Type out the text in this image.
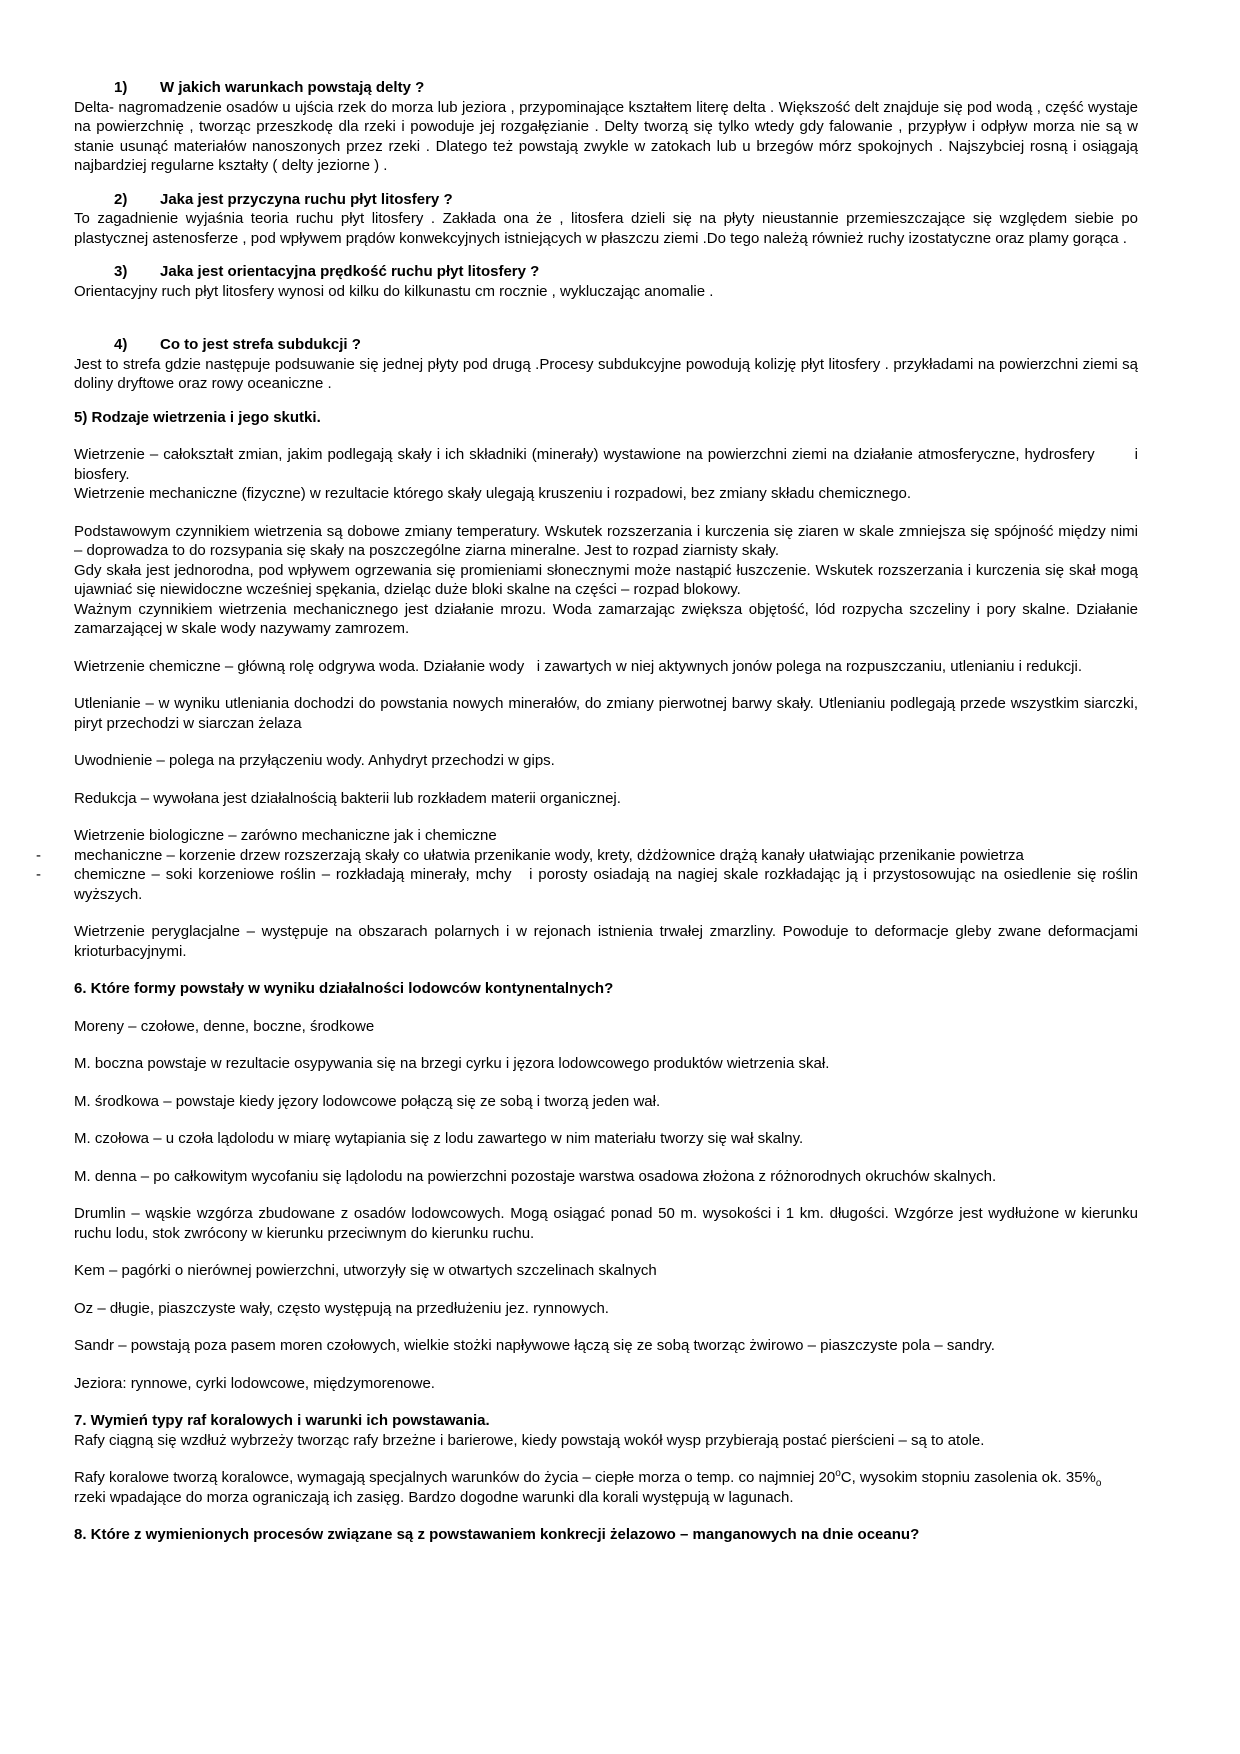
1) W jakich warunkach powstają delty ?

Delta- nagromadzenie osadów u ujścia rzek do morza lub jeziora , przypominające kształtem literę delta . Większość delt znajduje się pod wodą , część wystaje na powierzchnię , tworząc przeszkodę dla rzeki i powoduje jej rozgałęzianie . Delty tworzą się tylko wtedy gdy falowanie , przypływ i odpływ morza nie są w stanie usunąć materiałów nanoszonych przez rzeki . Dlatego też powstają zwykle w zatokach lub u brzegów mórz spokojnych . Najszybciej rosną i osiągają najbardziej regularne kształty ( delty jeziorne ) .

2) Jaka jest przyczyna ruchu płyt litosfery ?

To zagadnienie wyjaśnia teoria ruchu płyt litosfery . Zakłada ona że , litosfera dzieli się na płyty nieustannie przemieszczające się względem siebie po plastycznej astenosferze , pod wpływem prądów konwekcyjnych istniejących w płaszczu ziemi .Do tego należą również ruchy izostatyczne oraz plamy gorąca .

3) Jaka jest orientacyjna prędkość ruchu płyt litosfery ?

Orientacyjny ruch płyt litosfery wynosi od kilku do kilkunastu cm rocznie , wykluczając anomalie .

4) Co to jest strefa subdukcji ?

Jest to strefa gdzie następuje podsuwanie się jednej płyty pod drugą .Procesy subdukcyjne powodują kolizję płyt litosfery . przykładami na powierzchni ziemi są doliny dryftowe oraz rowy oceaniczne .

5) Rodzaje wietrzenia i jego skutki.

Wietrzenie – całokształt zmian, jakim podlegają skały i ich składniki (minerały) wystawione na powierzchni ziemi na działanie atmosferyczne, hydrosfery        i biosfery.

Wietrzenie mechaniczne (fizyczne) w rezultacie którego skały ulegają kruszeniu i rozpadowi, bez zmiany składu chemicznego.

Podstawowym czynnikiem wietrzenia są dobowe zmiany temperatury. Wskutek rozszerzania i kurczenia się ziaren w skale zmniejsza się spójność między nimi – doprowadza to do rozsypania się skały na poszczególne ziarna mineralne. Jest to rozpad ziarnisty skały.

Gdy skała jest jednorodna, pod wpływem ogrzewania się promieniami słonecznymi może nastąpić łuszczenie. Wskutek rozszerzania i kurczenia się skał mogą ujawniać się niewidoczne wcześniej spękania, dzieląc duże bloki skalne na części – rozpad blokowy.

Ważnym czynnikiem wietrzenia mechanicznego jest działanie mrozu. Woda zamarzając zwiększa objętość, lód rozpycha szczeliny i pory skalne. Działanie zamarzającej w skale wody nazywamy zamrozem.

Wietrzenie chemiczne – główną rolę odgrywa woda. Działanie wody   i zawartych w niej aktywnych jonów polega na rozpuszczaniu, utlenianiu i redukcji.

Utlenianie – w wyniku utleniania dochodzi do powstania nowych minerałów, do zmiany pierwotnej barwy skały. Utlenianiu podlegają przede wszystkim siarczki, piryt przechodzi w siarczan żelaza

Uwodnienie – polega na przyłączeniu wody. Anhydryt przechodzi w gips.

Redukcja – wywołana jest działalnością bakterii lub rozkładem materii organicznej.

Wietrzenie biologiczne – zarówno mechaniczne jak i chemiczne

- mechaniczne – korzenie drzew rozszerzają skały co ułatwia przenikanie wody, krety, dżdżownice drążą kanały ułatwiając przenikanie powietrza

- chemiczne – soki korzeniowe roślin – rozkładają minerały, mchy   i porosty osiadają na nagiej skale rozkładając ją i przystosowując na osiedlenie się roślin wyższych.

Wietrzenie peryglacjalne – występuje na obszarach polarnych i w rejonach istnienia trwałej zmarzliny. Powoduje to deformacje gleby zwane deformacjami krioturbacyjnymi.

6. Które formy powstały w wyniku działalności lodowców kontynentalnych?

Moreny – czołowe, denne, boczne, środkowe

M. boczna powstaje w rezultacie osypywania się na brzegi cyrku i jęzora lodowcowego produktów wietrzenia skał.

M. środkowa – powstaje kiedy jęzory lodowcowe połączą się ze sobą i tworzą jeden wał.

M. czołowa – u czoła lądolodu w miarę wytapiania się z lodu zawartego w nim materiału tworzy się wał skalny.

M. denna – po całkowitym wycofaniu się lądolodu na powierzchni pozostaje warstwa osadowa złożona z różnorodnych okruchów skalnych.

Drumlin – wąskie wzgórza zbudowane z osadów lodowcowych. Mogą osiągać ponad 50 m. wysokości i 1 km. długości. Wzgórze jest wydłużone w kierunku ruchu lodu, stok zwrócony w kierunku przeciwnym do kierunku ruchu.

Kem – pagórki o nierównej powierzchni, utworzyły się w otwartych szczelinach skalnych

Oz – długie, piaszczyste wały, często występują na przedłużeniu jez. rynnowych.

Sandr – powstają poza pasem moren czołowych, wielkie stożki napływowe łączą się ze sobą tworząc żwirowo – piaszczyste pola – sandry.

Jeziora: rynnowe, cyrki lodowcowe, międzymorenowe.

7. Wymień typy raf koralowych i warunki ich powstawania.

Rafy ciągną się wzdłuż wybrzeży tworząc rafy brzeżne i barierowe, kiedy powstają wokół wysp przybierają postać pierścieni – są to atole.

Rafy koralowe tworzą koralowce, wymagają specjalnych warunków do życia – ciepłe morza o temp. co najmniej 20$^o$C, wysokim stopniu zasolenia ok. $35\%_o$

rzeki wpadające do morza ograniczają ich zasięg. Bardzo dogodne warunki dla korali występują w lagunach.

8. Które z wymienionych procesów związane są z powstawaniem konkrecji żelazowo – manganowych na dnie oceanu?
